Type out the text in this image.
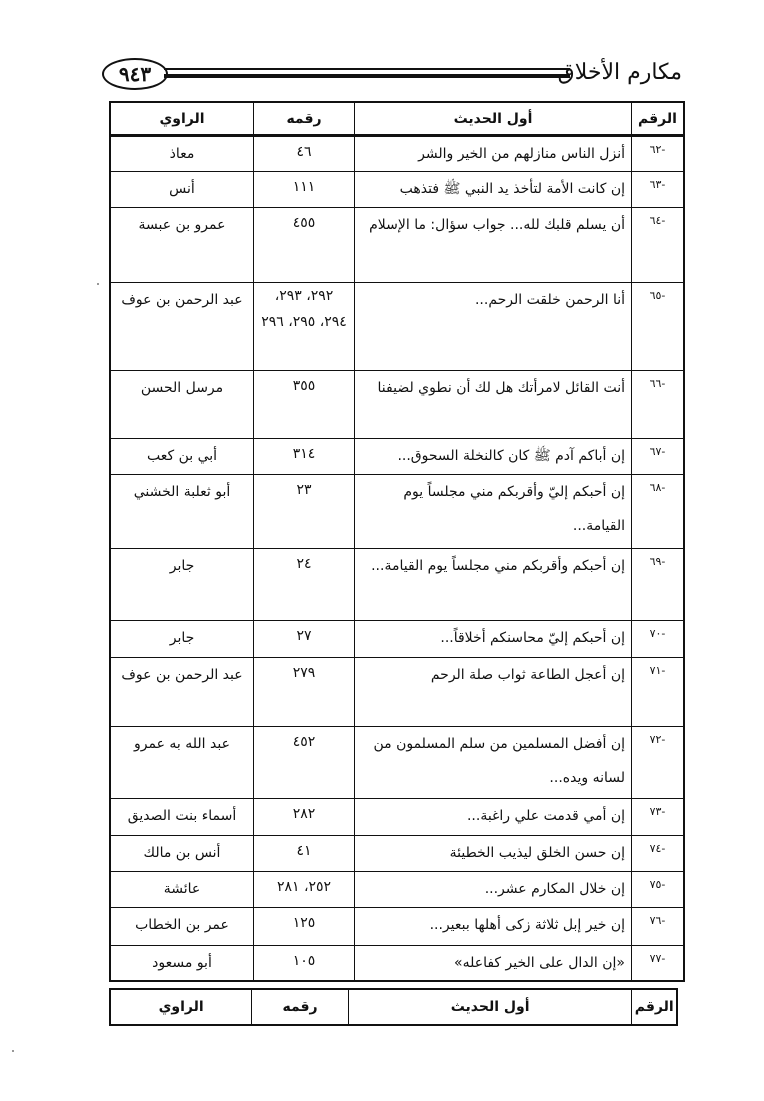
مكارم الأخلاق
٩٤٣
الرقم	أول الحديث	رقمه	الراوي
-٦٢	أنزل الناس منازلهم من الخير والشر	٤٦	معاذ
-٦٣	إن كانت الأمة لتأخذ يد النبي ﷺ فتذهب	١١١	أنس
-٦٤	أن يسلم قلبك لله... جواب سؤال: ما الإسلام	٤٥٥	عمرو بن عبسة
-٦٥	أنا الرحمن خلقت الرحم...	٢٩٢، ٢٩٣، ٢٩٤، ٢٩٥، ٢٩٦	عبد الرحمن بن عوف
-٦٦	أنت القائل لامرأتك هل لك أن نطوي لضيفنا	٣٥٥	مرسل الحسن
-٦٧	إن أباكم آدم ﷺ كان كالنخلة السحوق...	٣١٤	أبي بن كعب
-٦٨	إن أحبكم إليّ وأقربكم مني مجلساً يوم القيامة...	٢٣	أبو ثعلبة الخشني
-٦٩	إن أحبكم وأقربكم مني مجلساً يوم القيامة...	٢٤	جابر
-٧٠	إن أحبكم إليّ محاسنكم أخلاقاً...	٢٧	جابر
-٧١	إن أعجل الطاعة ثواب صلة الرحم	٢٧٩	عبد الرحمن بن عوف
-٧٢	إن أفضل المسلمين من سلم المسلمون من لسانه ويده...	٤٥٢	عبد الله به عمرو
-٧٣	إن أمي قدمت علي راغبة...	٢٨٢	أسماء بنت الصديق
-٧٤	إن حسن الخلق ليذيب الخطيئة	٤١	أنس بن مالك
-٧٥	إن خلال المكارم عشر...	٢٥٢، ٢٨١	عائشة
-٧٦	إن خير إبل ثلاثة زكى أهلها ببعير...	١٢٥	عمر بن الخطاب
-٧٧	«إن الدال على الخير كفاعله»	١٠٥	أبو مسعود
الرقم	أول الحديث	رقمه	الراوي
